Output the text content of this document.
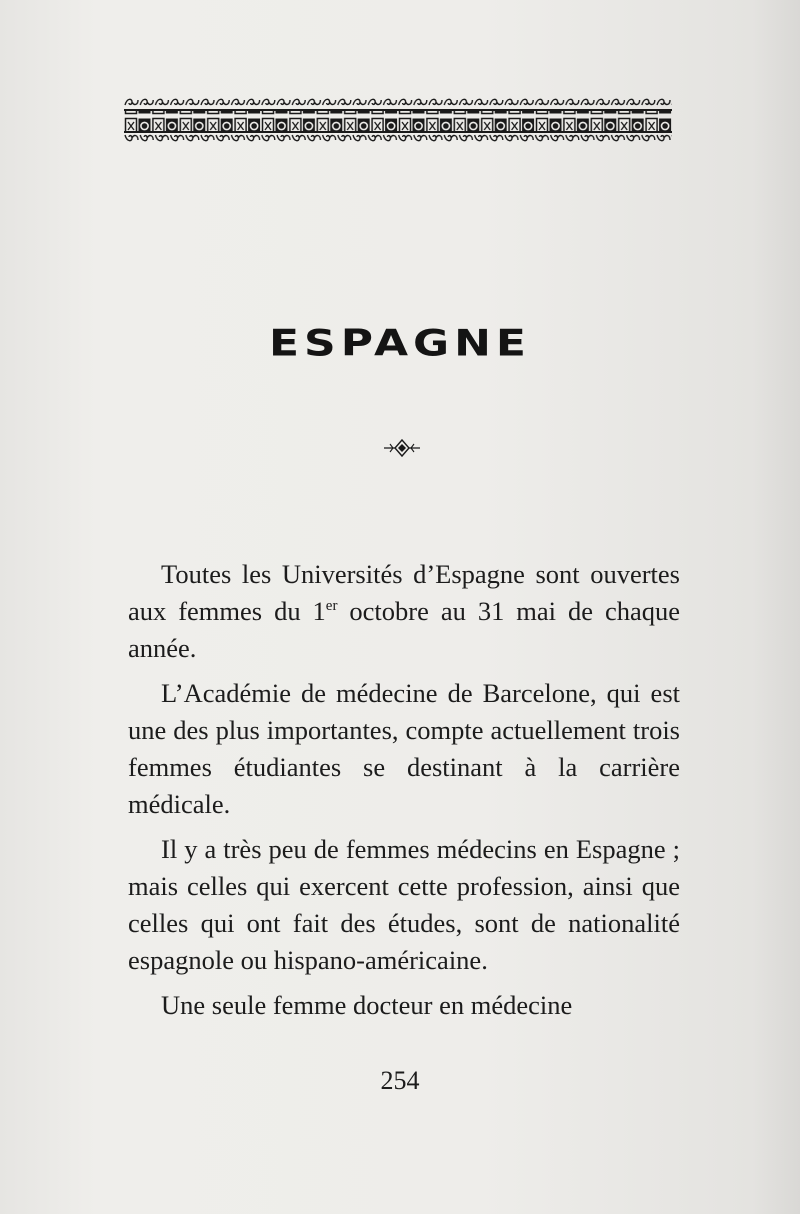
ESPAGNE

Toutes les Universités d’Espagne sont ouvertes aux femmes du 1er octobre au 31 mai de chaque année.

L’Académie de médecine de Barcelone, qui est une des plus importantes, compte actuellement trois femmes étudiantes se destinant à la carrière médicale.

Il y a très peu de femmes médecins en Espagne ; mais celles qui exercent cette profession, ainsi que celles qui ont fait des études, sont de nationalité espagnole ou hispano-américaine.

Une seule femme docteur en médecine

254
